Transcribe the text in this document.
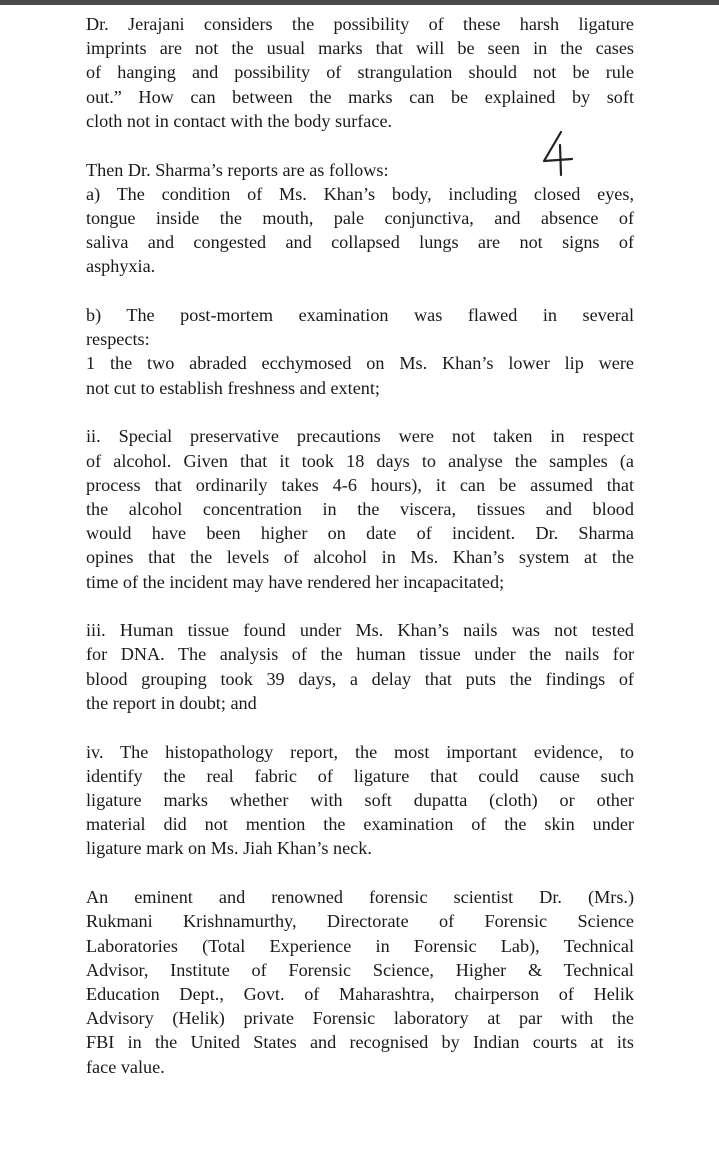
Dr. Jerajani considers the possibility of these harsh ligature
imprints are not the usual marks that will be seen in the cases
of hanging and possibility of strangulation should not be rule
out.” How can between the marks can be explained by soft
cloth not in contact with the body surface.

Then Dr. Sharma’s reports are as follows:
a) The condition of Ms. Khan’s body, including closed eyes,
tongue inside the mouth, pale conjunctiva, and absence of
saliva and congested and collapsed lungs are not signs of
asphyxia.

b) The post-mortem examination was flawed in several
respects:
1 the two abraded ecchymosed on Ms. Khan’s lower lip were
not cut to establish freshness and extent;

ii. Special preservative precautions were not taken in respect
of alcohol. Given that it took 18 days to analyse the samples (a
process that ordinarily takes 4-6 hours), it can be assumed that
the alcohol concentration in the viscera, tissues and blood
would have been higher on date of incident. Dr. Sharma
opines that the levels of alcohol in Ms. Khan’s system at the
time of the incident may have rendered her incapacitated;

iii. Human tissue found under Ms. Khan’s nails was not tested
for DNA. The analysis of the human tissue under the nails for
blood grouping took 39 days, a delay that puts the findings of
the report in doubt; and

iv. The histopathology report, the most important evidence, to
identify the real fabric of ligature that could cause such
ligature marks whether with soft dupatta (cloth) or other
material did not mention the examination of the skin under
ligature mark on Ms. Jiah Khan’s neck.

An eminent and renowned forensic scientist Dr. (Mrs.)
Rukmani Krishnamurthy, Directorate of Forensic Science
Laboratories (Total Experience in Forensic Lab), Technical
Advisor, Institute of Forensic Science, Higher & Technical
Education Dept., Govt. of Maharashtra, chairperson of Helik
Advisory (Helik) private Forensic laboratory at par with the
FBI in the United States and recognised by Indian courts at its
face value.
